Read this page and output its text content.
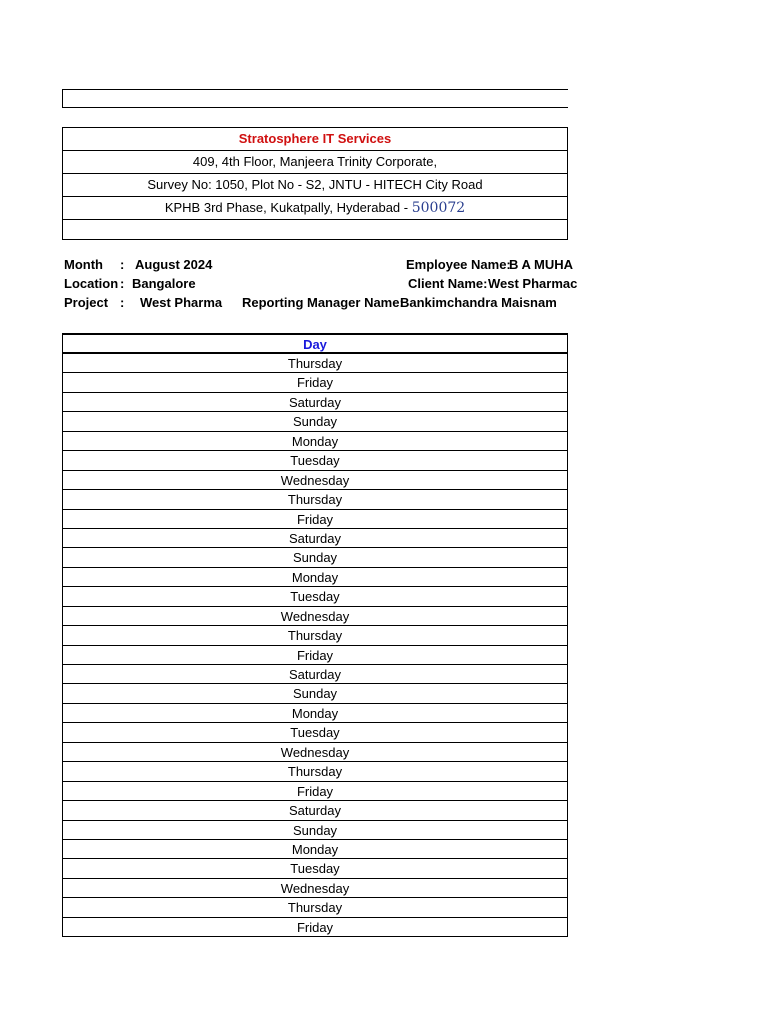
Stratosphere IT Services
409, 4th Floor, Manjeera Trinity Corporate,
Survey No: 1050, Plot No - S2, JNTU - HITECH City Road
KPHB 3rd Phase, Kukatpally, Hyderabad - 500072
Month : August 2024
Location : Bangalore
Project : West Pharma
Employee Name:
B A MUHA
Client Name: West Pharmac
Reporting Manager Name:
Bankimchandra Maisnam
Day
Thursday
Friday
Saturday
Sunday
Monday
Tuesday
Wednesday
Thursday
Friday
Saturday
Sunday
Monday
Tuesday
Wednesday
Thursday
Friday
Saturday
Sunday
Monday
Tuesday
Wednesday
Thursday
Friday
Saturday
Sunday
Monday
Tuesday
Wednesday
Thursday
Friday
